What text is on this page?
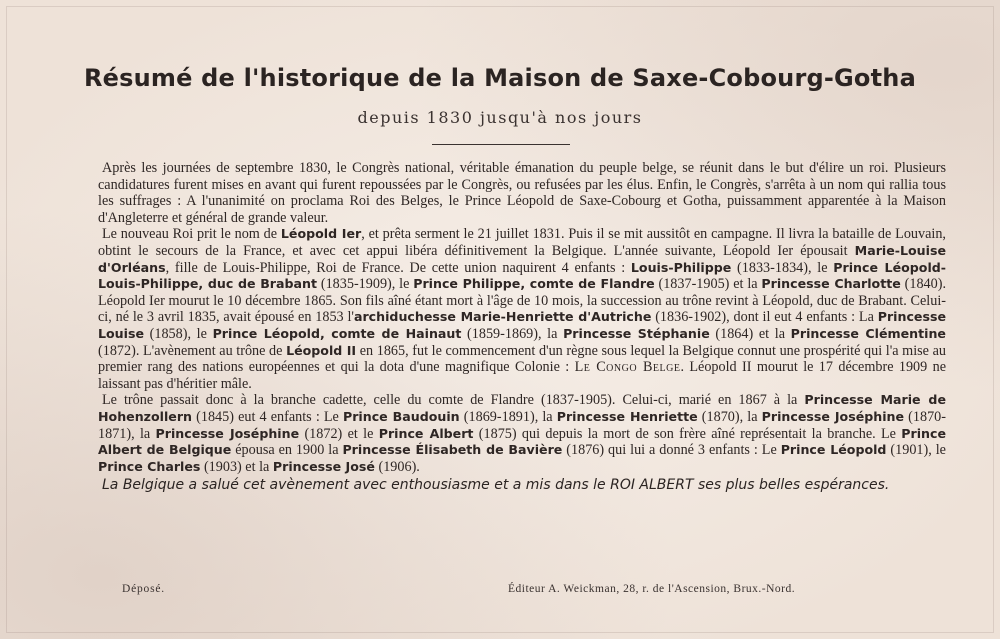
Résumé de l'historique de la Maison de Saxe-Cobourg-Gotha
depuis 1830 jusqu'à nos jours

Après les journées de septembre 1830, le Congrès national, véritable émanation du peuple belge, se réunit dans le but d'élire un roi. Plusieurs candidatures furent mises en avant qui furent repoussées par le Congrès, ou refusées par les élus. Enfin, le Congrès, s'arrêta à un nom qui rallia tous les suffrages : A l'unanimité on proclama Roi des Belges, le Prince Léopold de Saxe-Cobourg et Gotha, puissamment apparentée à la Maison d'Angleterre et général de grande valeur.

Le nouveau Roi prit le nom de Léopold Ier, et prêta serment le 21 juillet 1831. Puis il se mit aussitôt en campagne. Il livra la bataille de Louvain, obtint le secours de la France, et avec cet appui libéra définitivement la Belgique. L'année suivante, Léopold Ier épousait Marie-Louise d'Orléans, fille de Louis-Philippe, Roi de France. De cette union naquirent 4 enfants : Louis-Philippe (1833-1834), le Prince Léopold-Louis-Philippe, duc de Brabant (1835-1909), le Prince Philippe, comte de Flandre (1837-1905) et la Princesse Charlotte (1840). Léopold Ier mourut le 10 décembre 1865. Son fils aîné étant mort à l'âge de 10 mois, la succession au trône revint à Léopold, duc de Brabant. Celui-ci, né le 3 avril 1835, avait épousé en 1853 l'archiduchesse Marie-Henriette d'Autriche (1836-1902), dont il eut 4 enfants : La Princesse Louise (1858), le Prince Léopold, comte de Hainaut (1859-1869), la Princesse Stéphanie (1864) et la Princesse Clémentine (1872). L'avènement au trône de Léopold II en 1865, fut le commencement d'un règne sous lequel la Belgique connut une prospérité qui l'a mise au premier rang des nations européennes et qui la dota d'une magnifique Colonie : Le Congo Belge. Léopold II mourut le 17 décembre 1909 ne laissant pas d'héritier mâle.

Le trône passait donc à la branche cadette, celle du comte de Flandre (1837-1905). Celui-ci, marié en 1867 à la Princesse Marie de Hohenzollern (1845) eut 4 enfants : Le Prince Baudouin (1869-1891), la Princesse Henriette (1870), la Princesse Joséphine (1870-1871), la Princesse Joséphine (1872) et le Prince Albert (1875) qui depuis la mort de son frère aîné représentait la branche. Le Prince Albert de Belgique épousa en 1900 la Princesse Élisabeth de Bavière (1876) qui lui a donné 3 enfants : Le Prince Léopold (1901), le Prince Charles (1903) et la Princesse José (1906).

La Belgique a salué cet avènement avec enthousiasme et a mis dans le ROI ALBERT ses plus belles espérances.

Déposé.	Éditeur A. Weickman, 28, r. de l'Ascension, Brux.-Nord.
